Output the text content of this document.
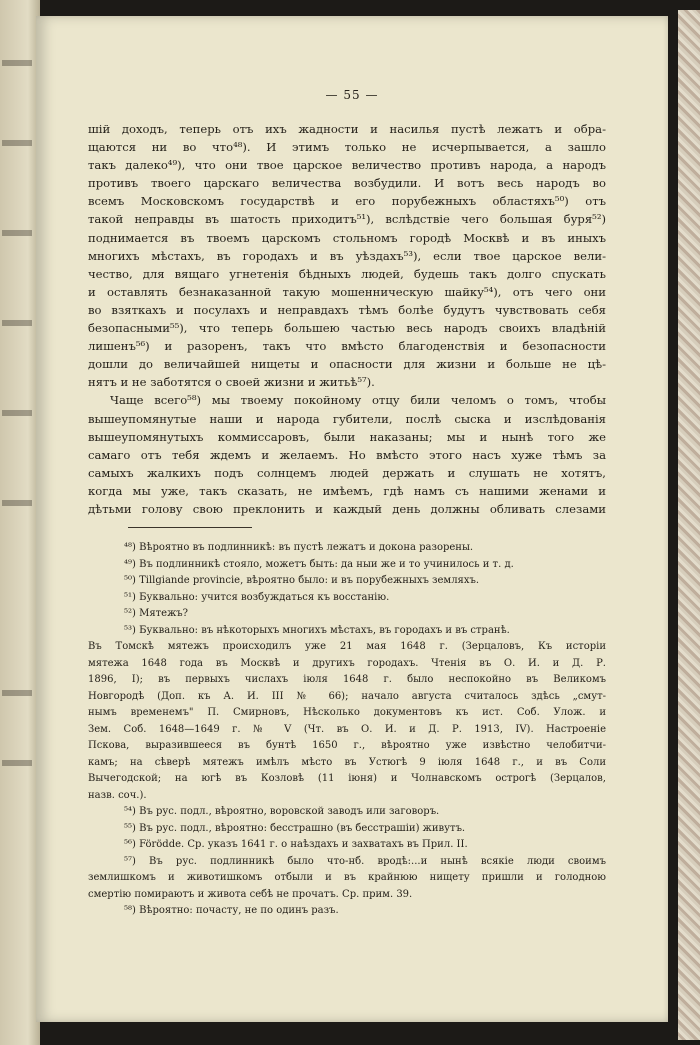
— 55 —
шій доходъ, теперь отъ ихъ жадности и насилья пустѣ лежатъ и обра-
щаются ни во что⁴⁸). И этимъ только не исчерпывается, а зашло
такъ далеко⁴⁹), что они твое царское величество противъ народа, а народъ
противъ твоего царскаго величества возбудили. И вотъ весь народъ во
всемъ Московскомъ государствѣ и его порубежныхъ областяхъ⁵⁰) отъ
такой неправды въ шатость приходитъ⁵¹), вслѣдствіе чего большая буря⁵²)
поднимается въ твоемъ царскомъ стольномъ городѣ Москвѣ и въ иныхъ
многихъ мѣстахъ, въ городахъ и въ уѣздахъ⁵³), если твое царское вели-
чество, для вящаго угнетенія бѣдныхъ людей, будешь такъ долго спускать
и оставлять безнаказанной такую мошенническую шайку⁵⁴), отъ чего они
во взяткахъ и посулахъ и неправдахъ тѣмъ болѣе будутъ чувствовать себя
безопасными⁵⁵), что теперь большею частью весь народъ своихъ владѣній
лишенъ⁵⁶) и разоренъ, такъ что вмѣсто благоденствія и безопасности
дошли до величайшей нищеты и опасности для жизни и больше не цѣ-
нятъ и не заботятся о своей жизни и житьѣ⁵⁷).
Чаще всего⁵⁸) мы твоему покойному отцу били челомъ о томъ, чтобы
вышеупомянутые наши и народа губители, послѣ сыска и изслѣдованія
вышеупомянутыхъ коммиссаровъ, были наказаны; мы и нынѣ того же
самаго отъ тебя ждемъ и желаемъ. Но вмѣсто этого насъ хуже тѣмъ за
самыхъ жалкихъ подъ солнцемъ людей держать и слушать не хотятъ,
когда мы уже, такъ сказать, не имѣемъ, гдѣ намъ съ нашими женами и
дѣтьми голову свою преклонить и каждый день должны обливать слезами
⁴⁸) Вѣроятно въ подлинникѣ: въ пустѣ лежатъ и докона разорены.
⁴⁹) Въ подлинникѣ стояло, можетъ быть: да ныи же и то учинилось и т. д.
⁵⁰) Tillgiande provincie, вѣроятно было: и въ порубежныхъ земляхъ.
⁵¹) Буквально: учится возбуждаться къ восстанію.
⁵²) Мятежъ?
⁵³) Буквально: въ нѣкоторыхъ многихъ мѣстахъ, въ городахъ и въ странѣ.
Въ Томскѣ мятежъ происходилъ уже 21 мая 1648 г. (Зерцаловъ, Къ исторіи
мятежа 1648 года въ Москвѣ и другихъ городахъ. Чтенія въ О. И. и Д. Р.
1896, I); въ первыхъ числахъ іюля 1648 г. было неспокойно въ Великомъ
Новгородѣ (Доп. къ А. И. III № 66); начало августа считалось здѣсь „смут-
нымъ временемъ" П. Смирновъ, Нѣсколько документовъ къ ист. Соб. Улож. и
Зем. Соб. 1648—1649 г. № V (Чт. въ О. И. и Д. Р. 1913, IV). Настроеніе
Пскова, выразившееся въ бунтѣ 1650 г., вѣроятно уже извѣстно челобитчи-
камъ; на сѣверѣ мятежъ имѣлъ мѣсто въ Устюгѣ 9 іюля 1648 г., и въ Соли
Вычегодской; на югѣ въ Козловѣ (11 іюня) и Чолнавскомъ острогѣ (Зерцалов,
назв. соч.).
⁵⁴) Въ рус. подл., вѣроятно, воровской заводъ или заговоръ.
⁵⁵) Въ рус. подл., вѣроятно: бесстрашно (въ бесстрашіи) живутъ.
⁵⁶) Förödde. Ср. указъ 1641 г. о наѣздахъ и захватахъ въ Прил. II.
⁵⁷) Въ рус. подлинникѣ было что-нб. вродѣ:...и нынѣ всякіе люди своимъ
землишкомъ и животишкомъ отбыли и въ крайнюю нищету пришли и голодною
смертію помираютъ и живота себѣ не прочатъ. Ср. прим. 39.
⁵⁸) Вѣроятно: почасту, не по одинъ разъ.
